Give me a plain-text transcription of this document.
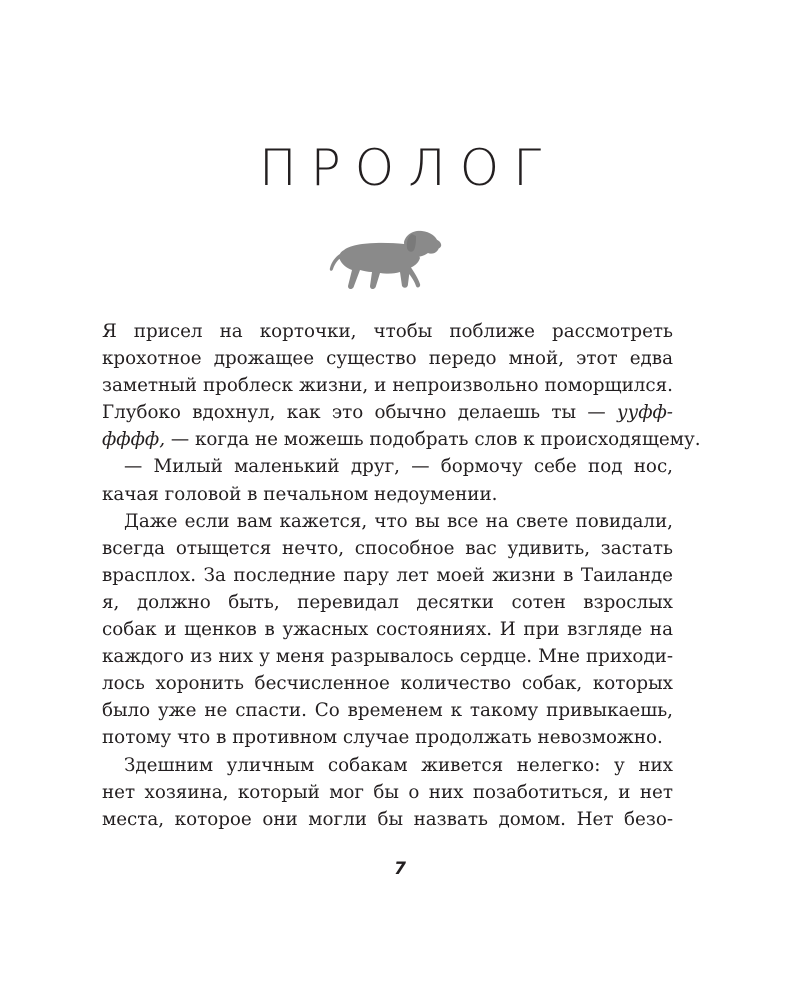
ПРОЛОГ

Я присел на корточки, чтобы поближе рассмотреть
крохотное дрожащее существо передо мной, этот едва
заметный проблеск жизни, и непроизвольно поморщился.
Глубоко вдохнул, как это обычно делаешь ты — ууфф-
фффф, — когда не можешь подобрать слов к происходящему.

— Милый маленький друг, — бормочу себе под нос,
качая головой в печальном недоумении.

Даже если вам кажется, что вы все на свете повидали,
всегда отыщется нечто, способное вас удивить, застать
врасплох. За последние пару лет моей жизни в Таиланде
я, должно быть, перевидал десятки сотен взрослых
собак и щенков в ужасных состояниях. И при взгляде на
каждого из них у меня разрывалось сердце. Мне приходи-
лось хоронить бесчисленное количество собак, которых
было уже не спасти. Со временем к такому привыкаешь,
потому что в противном случае продолжать невозможно.

Здешним уличным собакам живется нелегко: у них
нет хозяина, который мог бы о них позаботиться, и нет
места, которое они могли бы назвать домом. Нет безо-

7
